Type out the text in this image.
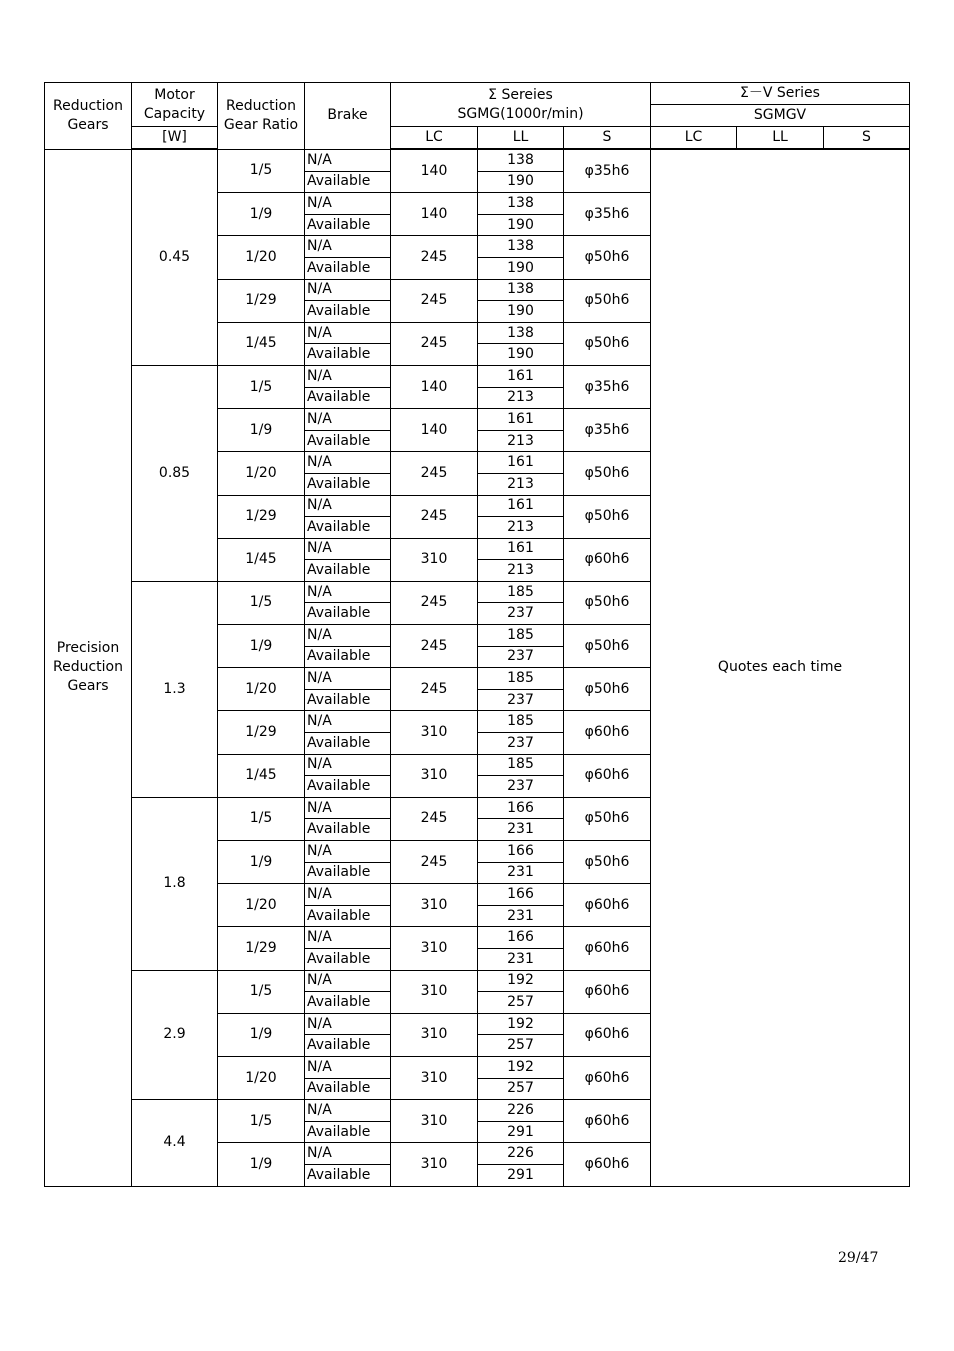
Reduction Gears	Motor Capacity	Reduction Gear Ratio	Brake	Σ Sereies
SGMG(1000r/min)			Σ－Ⅴ Series		
							SGMGV		
	[W]			LC	LL	S	LC	LL	S
Precision Reduction Gears	0.45	1/5	N/A	140	138	φ35h6	Quotes each time		
			Available		190				
		1/9	N/A	140	138	φ35h6			
			Available		190				
		1/20	N/A	245	138	φ50h6			
			Available		190				
		1/29	N/A	245	138	φ50h6			
			Available		190				
		1/45	N/A	245	138	φ50h6			
			Available		190				
	0.85	1/5	N/A	140	161	φ35h6			
			Available		213				
		1/9	N/A	140	161	φ35h6			
			Available		213				
		1/20	N/A	245	161	φ50h6			
			Available		213				
		1/29	N/A	245	161	φ50h6			
			Available		213				
		1/45	N/A	310	161	φ60h6			
			Available		213				
	1.3	1/5	N/A	245	185	φ50h6			
			Available		237				
		1/9	N/A	245	185	φ50h6			
			Available		237				
		1/20	N/A	245	185	φ50h6			
			Available		237				
		1/29	N/A	310	185	φ60h6			
			Available		237				
		1/45	N/A	310	185	φ60h6			
			Available		237				
	1.8	1/5	N/A	245	166	φ50h6			
			Available		231				
		1/9	N/A	245	166	φ50h6			
			Available		231				
		1/20	N/A	310	166	φ60h6			
			Available		231				
		1/29	N/A	310	166	φ60h6			
			Available		231				
	2.9	1/5	N/A	310	192	φ60h6			
			Available		257				
		1/9	N/A	310	192	φ60h6			
			Available		257				
		1/20	N/A	310	192	φ60h6			
			Available		257				
	4.4	1/5	N/A	310	226	φ60h6			
			Available		291				
		1/9	N/A	310	226	φ60h6			
			Available		291				
29/47
